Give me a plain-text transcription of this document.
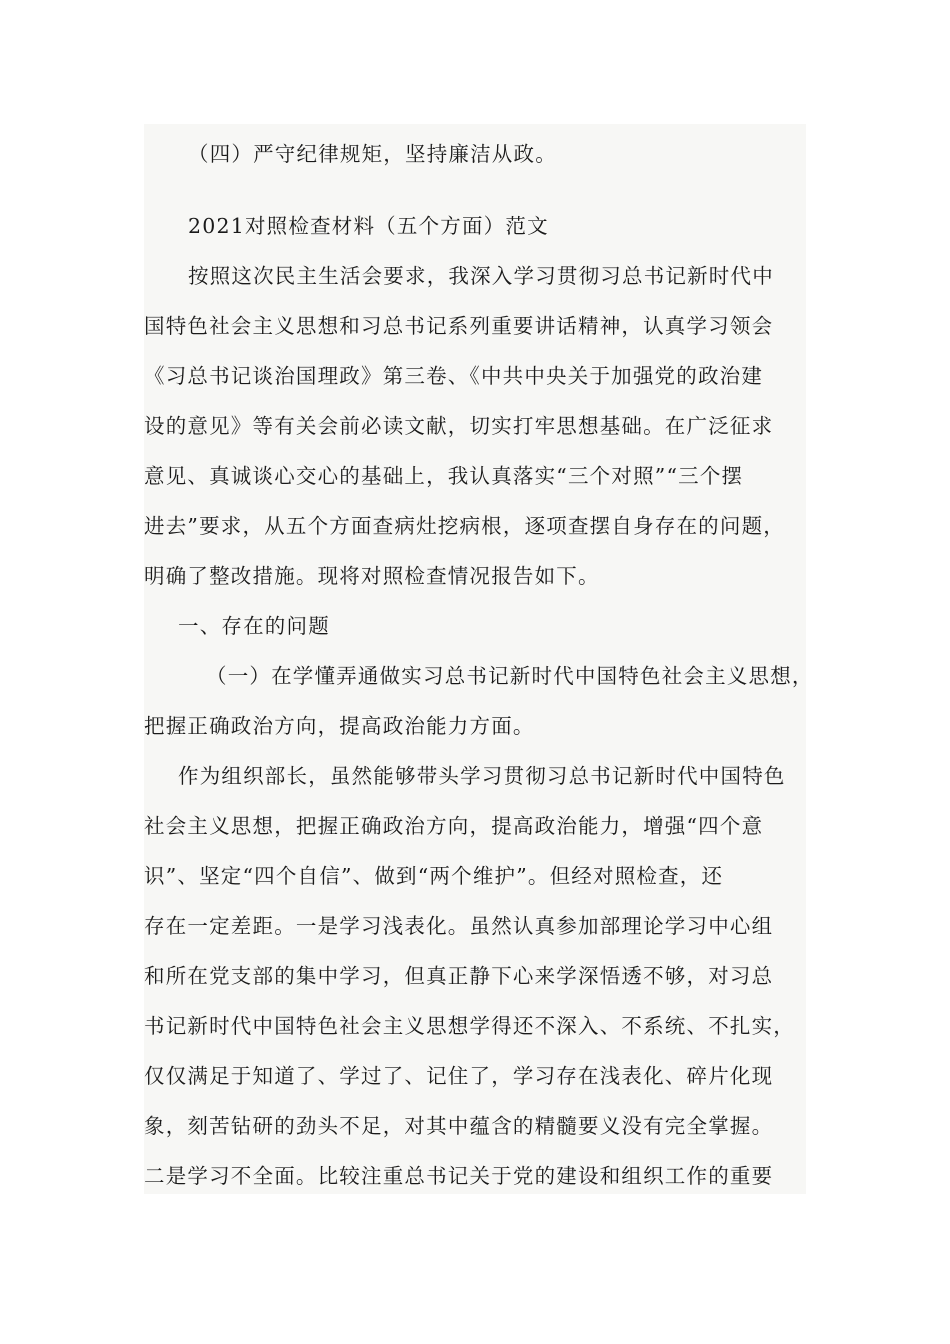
（四）严守纪律规矩，坚持廉洁从政。
2021对照检查材料（五个方面）范文
按照这次民主生活会要求，我深入学习贯彻习总书记新时代中
国特色社会主义思想和习总书记系列重要讲话精神，认真学习领会
《习总书记谈治国理政》第三卷、《中共中央关于加强党的政治建
设的意见》等有关会前必读文献，切实打牢思想基础。在广泛征求
意见、真诚谈心交心的基础上，我认真落实“三个对照”“三个摆
进去”要求，从五个方面查病灶挖病根，逐项查摆自身存在的问题，
明确了整改措施。现将对照检查情况报告如下。
一、存在的问题
（一）在学懂弄通做实习总书记新时代中国特色社会主义思想，
把握正确政治方向，提高政治能力方面。
作为组织部长，虽然能够带头学习贯彻习总书记新时代中国特色
社会主义思想，把握正确政治方向，提高政治能力，增强“四个意
识”、坚定“四个自信”、做到“两个维护”。但经对照检查，还
存在一定差距。一是学习浅表化。虽然认真参加部理论学习中心组
和所在党支部的集中学习，但真正静下心来学深悟透不够，对习总
书记新时代中国特色社会主义思想学得还不深入、不系统、不扎实，
仅仅满足于知道了、学过了、记住了，学习存在浅表化、碎片化现
象，刻苦钻研的劲头不足，对其中蕴含的精髓要义没有完全掌握。
二是学习不全面。比较注重总书记关于党的建设和组织工作的重要
